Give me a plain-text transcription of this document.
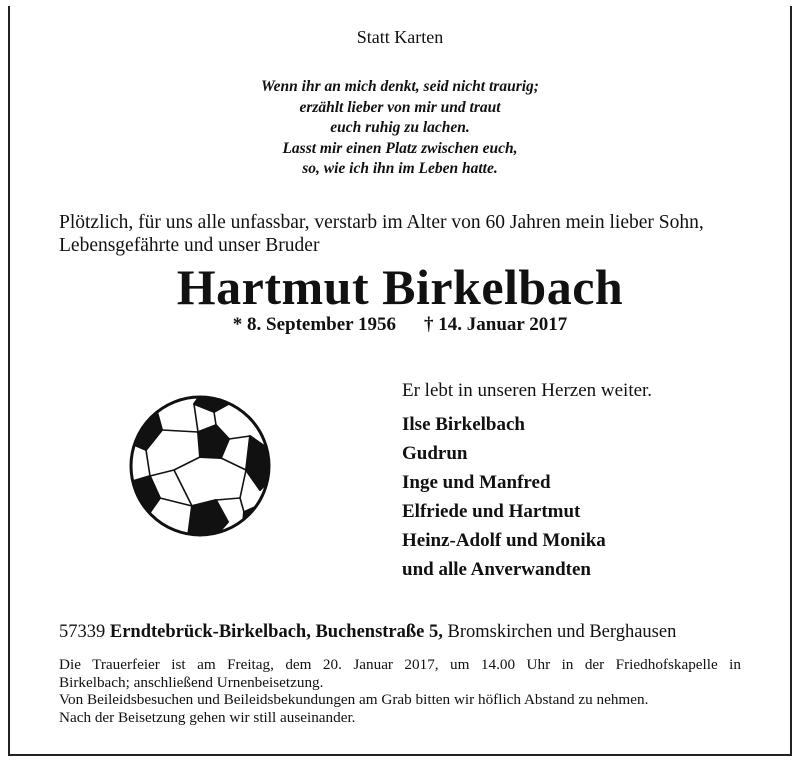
Statt Karten
Wenn ihr an mich denkt, seid nicht traurig;
erzählt lieber von mir und traut
euch ruhig zu lachen.
Lasst mir einen Platz zwischen euch,
so, wie ich ihn im Leben hatte.
Plötzlich, für uns alle unfassbar, verstarb im Alter von 60 Jahren mein lieber Sohn,
Lebensgefährte und unser Bruder
Hartmut Birkelbach
* 8. September 1956 † 14. Januar 2017
Er lebt in unseren Herzen weiter.
Ilse Birkelbach
Gudrun
Inge und Manfred
Elfriede und Hartmut
Heinz-Adolf und Monika
und alle Anverwandten
57339 Erndtebrück-Birkelbach, Buchenstraße 5, Bromskirchen und Berghausen
Die Trauerfeier ist am Freitag, dem 20. Januar 2017, um 14.00 Uhr in der Friedhofskapelle in
Birkelbach; anschließend Urnenbeisetzung.
Von Beileidsbesuchen und Beileidsbekundungen am Grab bitten wir höflich Abstand zu nehmen.
Nach der Beisetzung gehen wir still auseinander.
